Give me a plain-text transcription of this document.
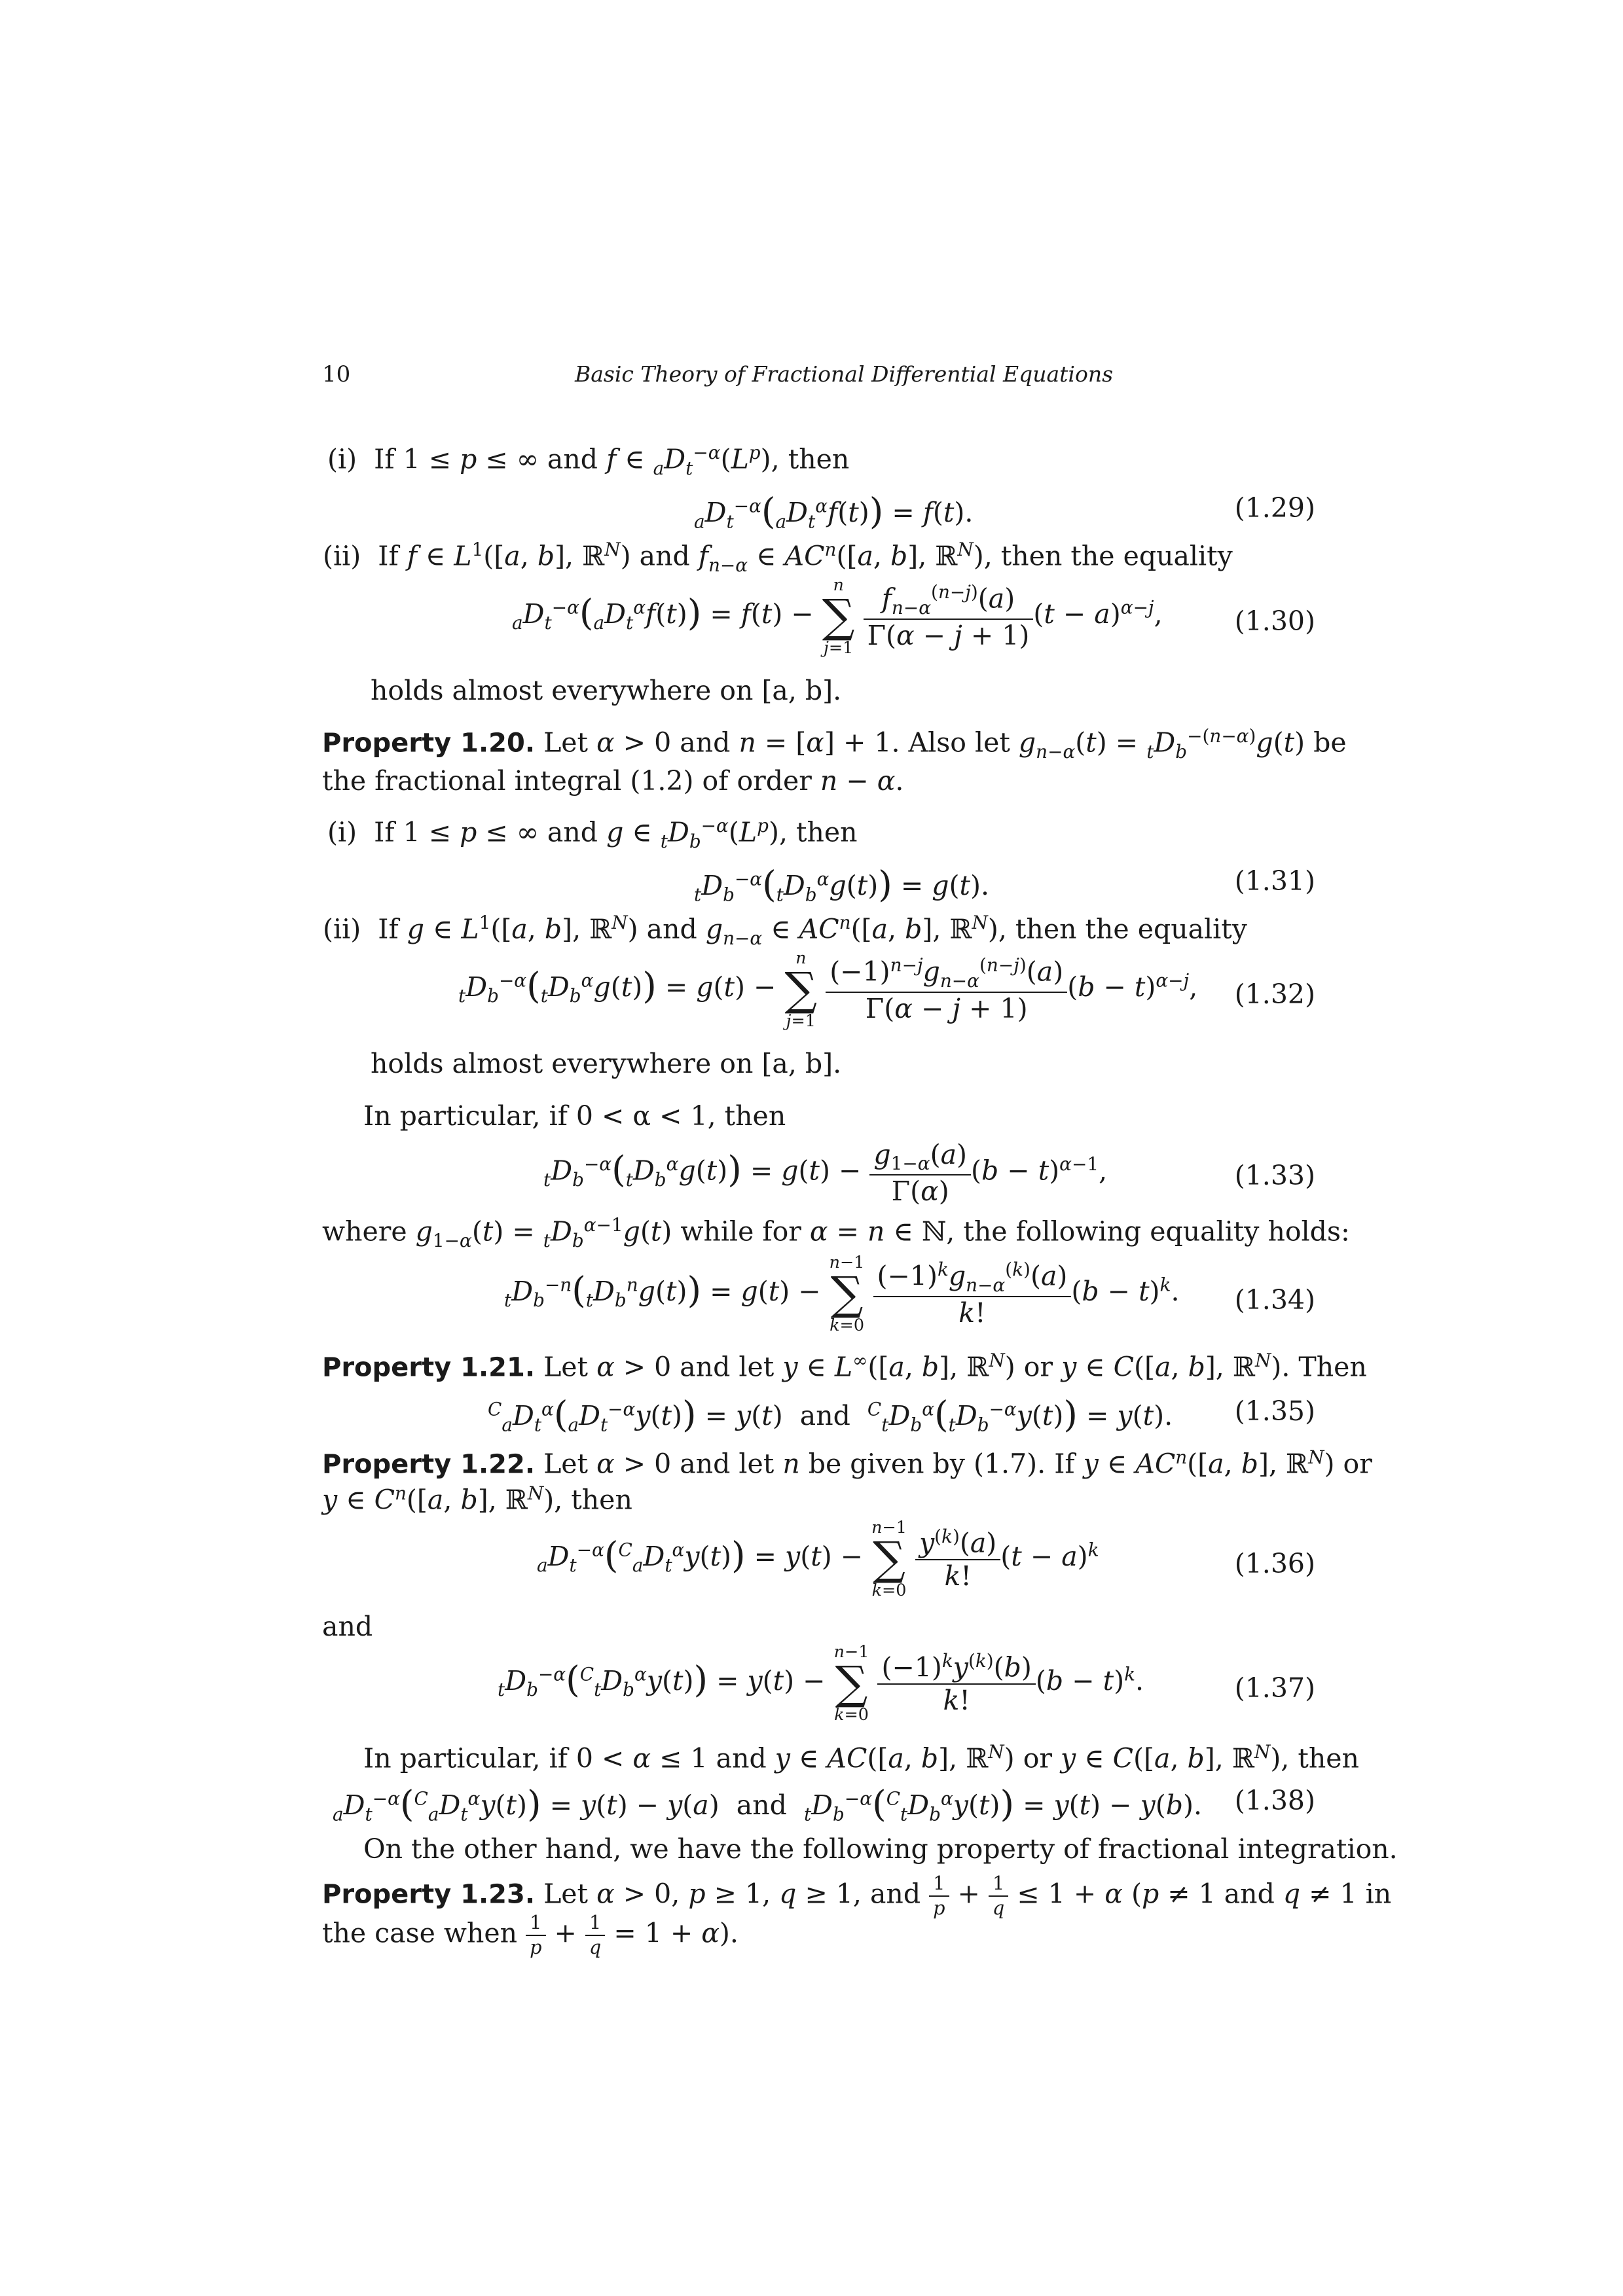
10	Basic Theory of Fractional Differential Equations
(i)  If 1 ≤ p ≤ ∞ and f ∈ $_aD_t^{-\alpha}(L^p)$, then
$_aD_t^{-\alpha}(_aD_t^\alpha f(t)) = f(t)$.	(1.29)
(ii)  If f ∈ $L^1([a$, b], ℝ$^N$) and $f_{n-\alpha}$ ∈ $AC^n([a$, b], ℝ$^N$), then the equality
$_aD_t^{-\alpha}(_aD_t^\alpha f(t)) = f(t)$ −
n
∑
j=1
$\frac{f_{n-\alpha}^{(n-j)}(a)}{\Gamma(\alpha - j + 1)} (t - a)^{\alpha-j}$,	(1.30)
holds almost everywhere on [a, b].
Property 1.20. Let α > 0 and n = [α] + 1. Also let $g_{n-\alpha}(t) = _tD_b^{-(n-\alpha)}g(t)$ be
the fractional integral (1.2) of order n − α.
(i)  If 1 ≤ p ≤ ∞ and g ∈ $_tD_b^{-\alpha}(L^p)$, then
$_tD_b^{-\alpha}(_tD_b^\alpha g(t)) = g(t)$.	(1.31)
(ii)  If g ∈ $L^1([a$, b], ℝ$^N$) and $g_{n-\alpha}$ ∈ $AC^n([a$, b], ℝ$^N$), then the equality
$_tD_b^{-\alpha}(_tD_b^\alpha g(t)) = g(t)$ −
n
∑
j=1
$\frac{(-1)^{n-j}g_{n-\alpha}^{(n-j)}(a)}{\Gamma(\alpha - j + 1)} (b - t)^{\alpha-j}$, (1.32)
holds almost everywhere on [a, b].
In particular, if 0 < α < 1, then
$_tD_b^{-\alpha}(_tD_b^\alpha g(t)) = g(t) - \frac{g_{1-\alpha}(a)}{\Gamma(\alpha)} (b - t)^{\alpha-1}$,	(1.33)
where $g_{1-\alpha}(t) = _tD_b^{\alpha-1}g(t)$ while for α = n ∈ ℕ, the following equality holds:
$_tD_b^{-n}(_tD_b^ng(t)) = g(t)$ −
n−1
∑
k=0
$\frac{(-1)^kg_{n-\alpha}^{(k)}(a)}{k!} (b - t)^k$. (1.34)
Property 1.21. Let α > 0 and let y ∈ L∞([a, b], ℝ$^N$) or y ∈ C([a, b], ℝ$^N$). Then
$^C_aD_t^\alpha(_aD_t^{-\alpha}y(t)) = y(t)$  and  $^C_tD_b^\alpha(_tD_b^{-\alpha}y(t)) = y(t)$. (1.35)
Property 1.22. Let α > 0 and let n be given by (1.7). If y ∈ $AC^n([a$, b], ℝ$^N$) or
y ∈ $C^n([a$, b], ℝ$^N$), then
$_aD_t^{-\alpha}(^C_aD_t^\alpha y(t)) = y(t)$ −
n−1
∑
k=0
$\frac{y^{(k)}(a)}{k!} (t - a)^k$	(1.36)
and
$_tD_b^{-\alpha}(^C_tD_b^\alpha y(t)) = y(t)$ −
n−1
∑
k=0
$\frac{(-1)^ky^{(k)}(b)}{k!} (b - t)^k$.	(1.37)
In particular, if 0 < α ≤ 1 and y ∈ AC([a, b], ℝ$^N$) or y ∈ C([a, b], ℝ$^N$), then
$_aD_t^{-\alpha}(^C_aD_t^\alpha y(t)) = y(t) - y(a)$  and  $_tD_b^{-\alpha}(^C_tD_b^\alpha y(t)) = y(t) - y(b)$. (1.38)
On the other hand, we have the following property of fractional integration.
Property 1.23. Let α > 0, p ≥ 1, q ≥ 1, and $\frac{1}{p} + \frac{1}{q} \le 1 + \alpha$ (p ≠ 1 and q ≠ 1 in
the case when $\frac{1}{p} + \frac{1}{q} = 1 + \alpha$).
